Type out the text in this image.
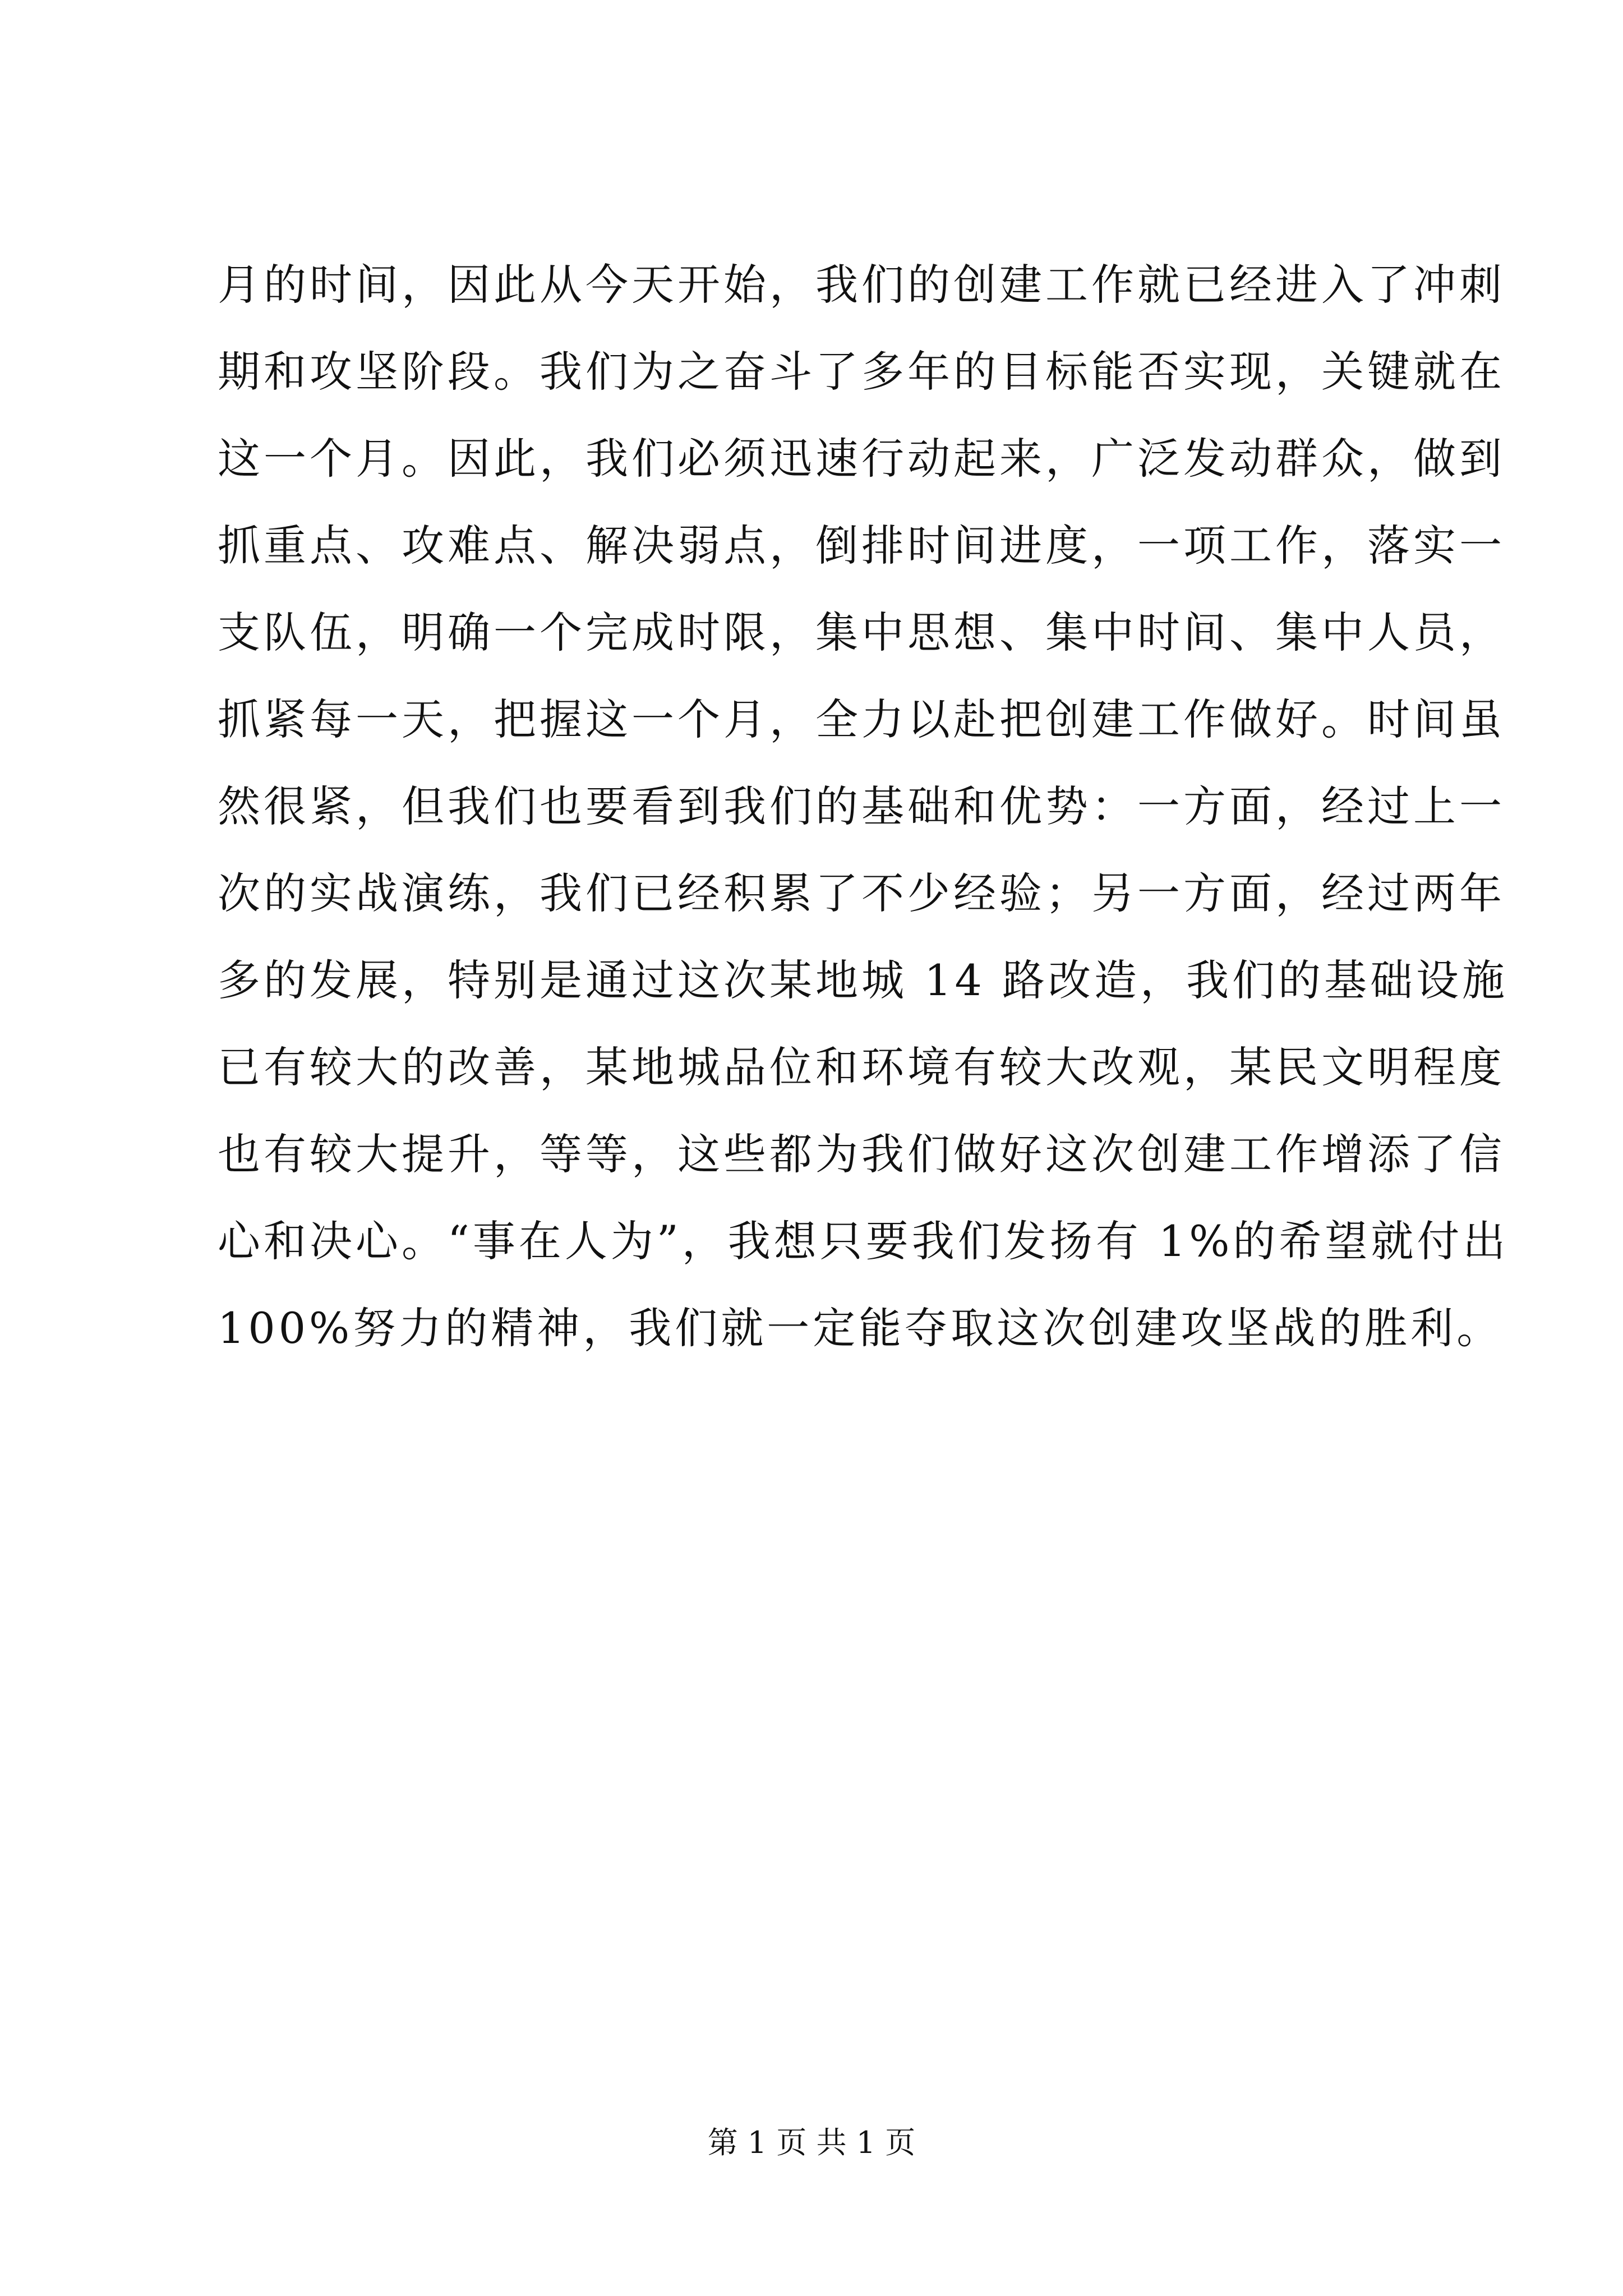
月的时间，因此从今天开始，我们的创建工作就已经进入了冲刺
期和攻坚阶段。我们为之奋斗了多年的目标能否实现，关键就在
这一个月。因此，我们必须迅速行动起来，广泛发动群众，做到
抓重点、攻难点、解决弱点，倒排时间进度，一项工作，落实一
支队伍，明确一个完成时限，集中思想、集中时间、集中人员，
抓紧每一天，把握这一个月，全力以赴把创建工作做好。时间虽
然很紧，但我们也要看到我们的基础和优势：一方面，经过上一
次的实战演练，我们已经积累了不少经验；另一方面，经过两年
多的发展，特别是通过这次某地城 14 路改造，我们的基础设施
已有较大的改善，某地城品位和环境有较大改观，某民文明程度
也有较大提升，等等，这些都为我们做好这次创建工作增添了信
心和决心。“事在人为”，我想只要我们发扬有 1%的希望就付出
100%努力的精神，我们就一定能夺取这次创建攻坚战的胜利。
第 1 页 共 1 页
